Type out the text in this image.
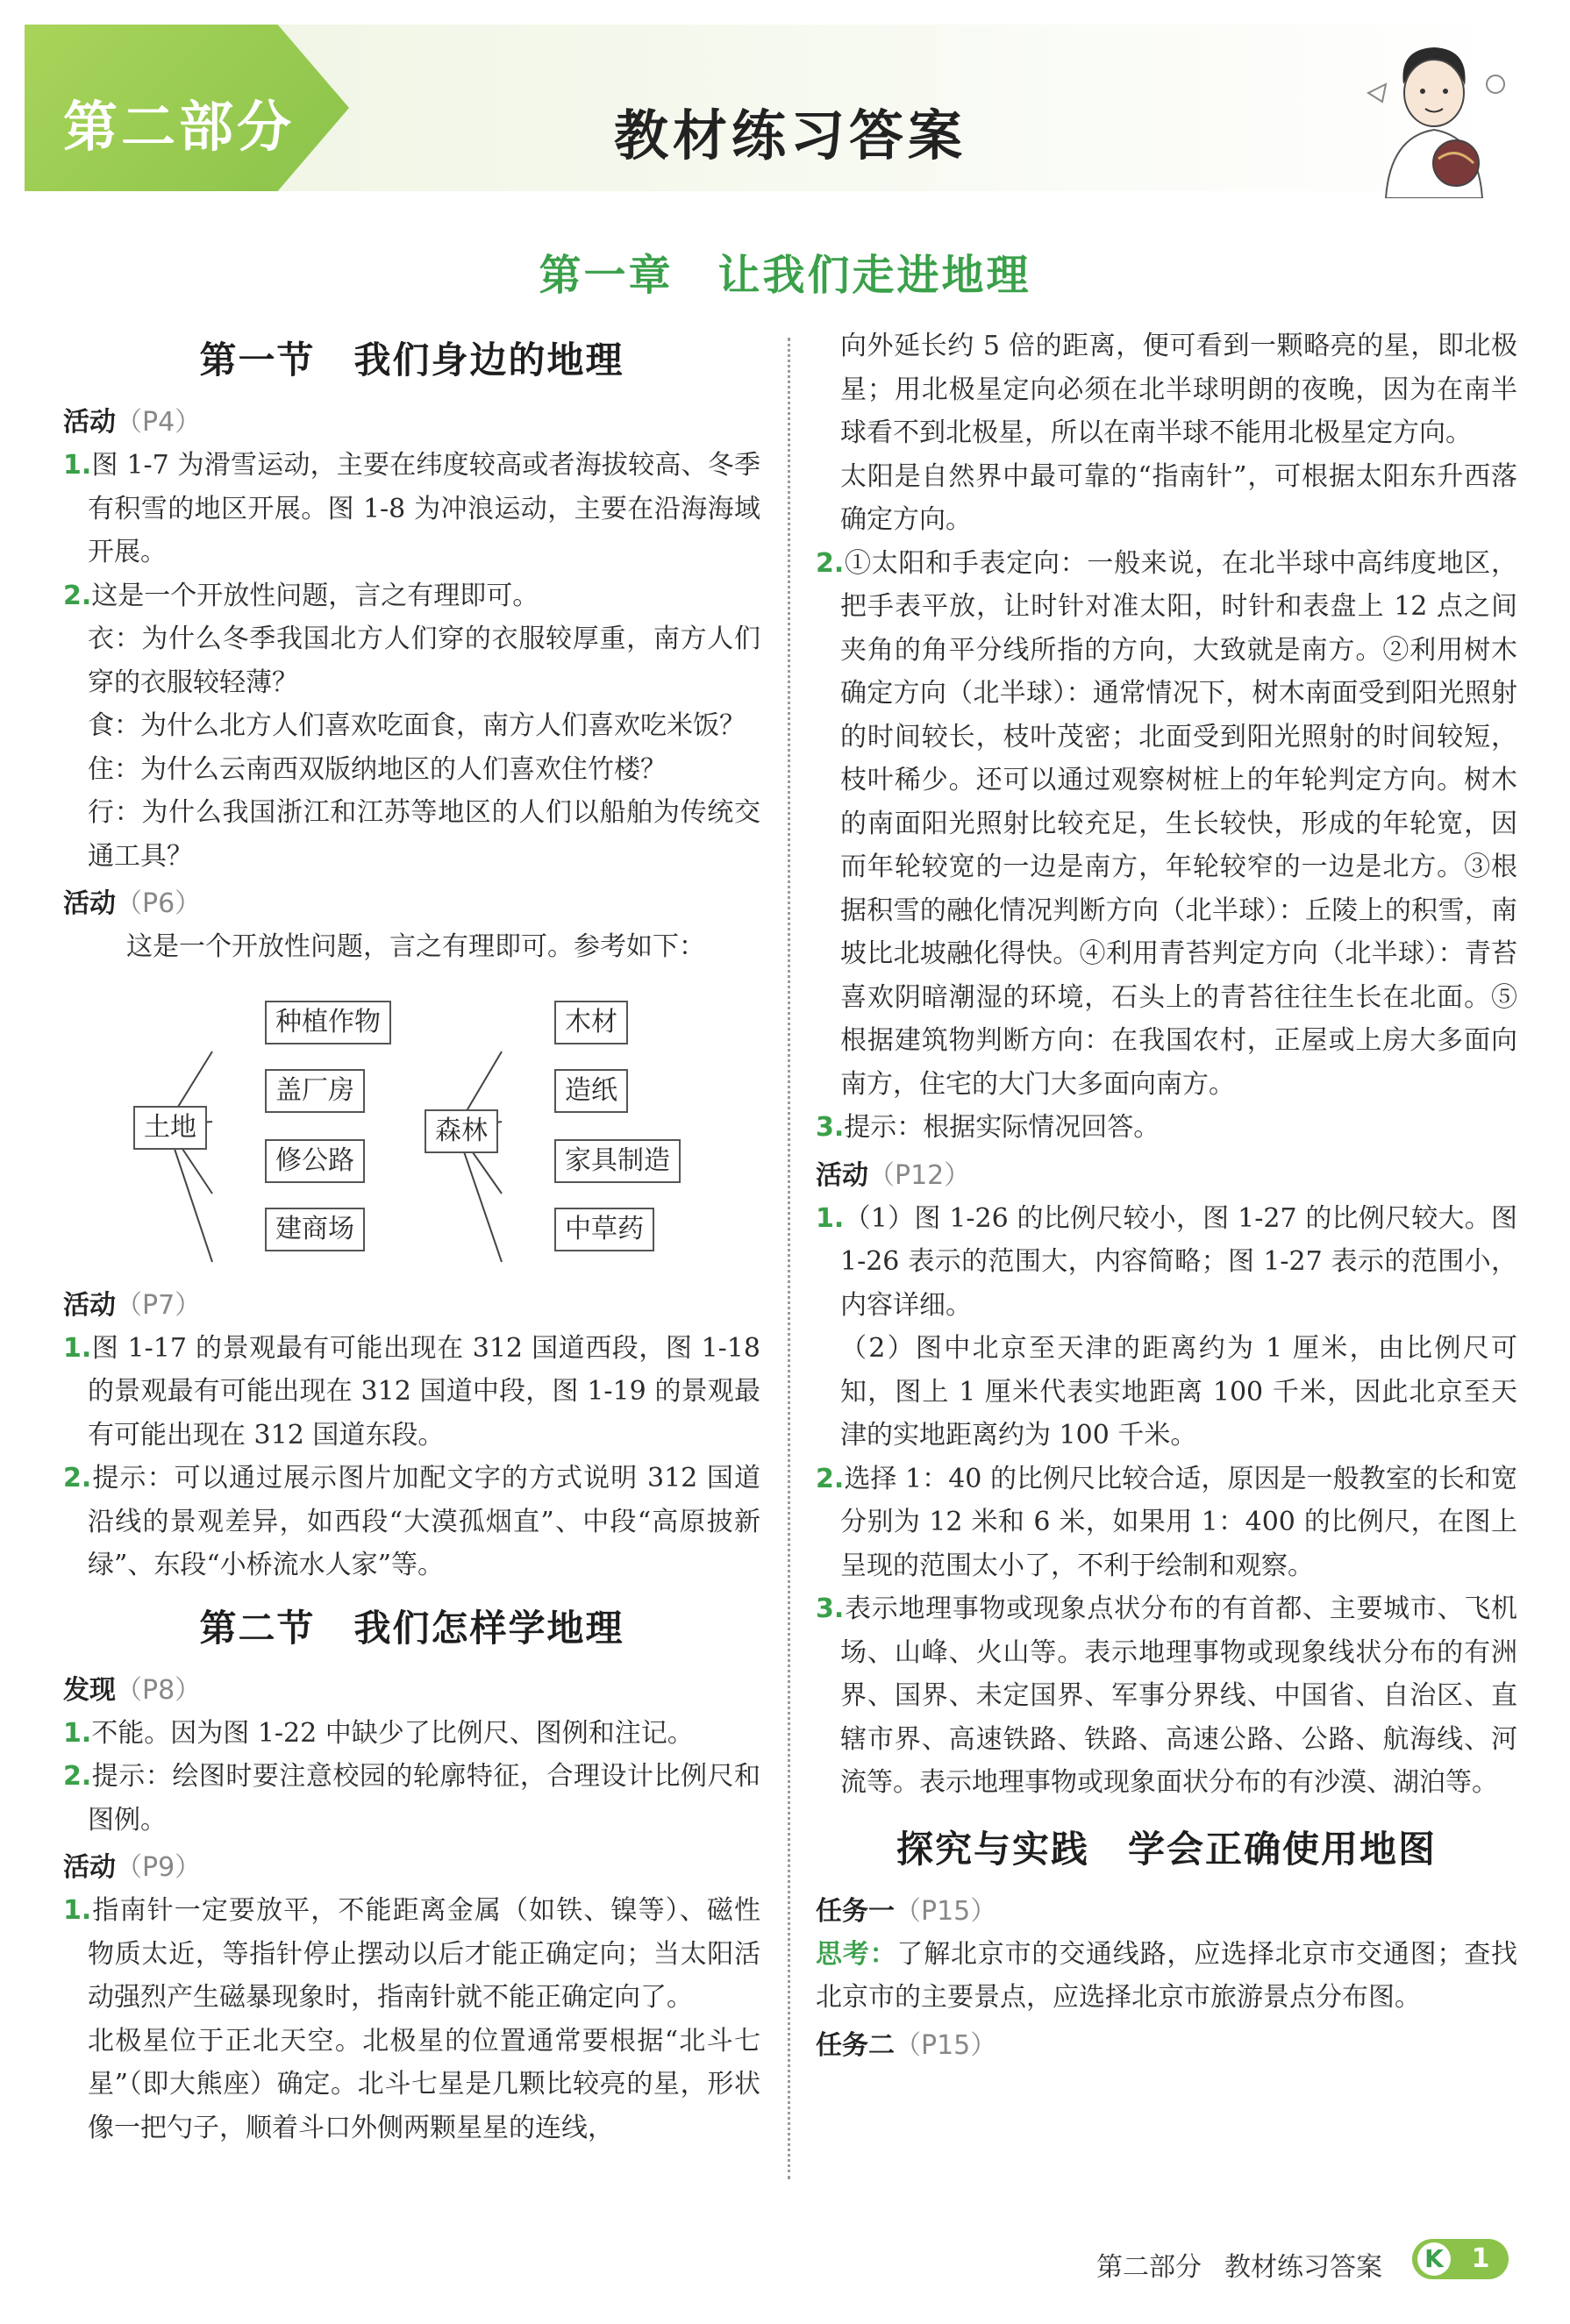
第二部分	教材练习答案
第一章　让我们走进地理
第一节　我们身边的地理
活动（P4）
1.图 1-7 为滑雪运动，主要在纬度较高或者海拔较高、冬季有积雪的地区开展。图 1-8 为冲浪运动，主要在沿海海域开展。
2.这是一个开放性问题，言之有理即可。
衣：为什么冬季我国北方人们穿的衣服较厚重，南方人们穿的衣服较轻薄？
食：为什么北方人们喜欢吃面食，南方人们喜欢吃米饭？
住：为什么云南西双版纳地区的人们喜欢住竹楼？
行：为什么我国浙江和江苏等地区的人们以船舶为传统交通工具？
活动（P6）
这是一个开放性问题，言之有理即可。参考如下：
土地
种植作物
盖厂房
修公路
建商场
森林
木材
造纸
家具制造
中草药
活动（P7）
1.图 1-17 的景观最有可能出现在 312 国道西段，图 1-18的景观最有可能出现在 312 国道中段，图 1-19 的景观最有可能出现在 312 国道东段。
2.提示：可以通过展示图片加配文字的方式说明 312 国道沿线的景观差异，如西段“大漠孤烟直”、中段“高原披新绿”、东段“小桥流水人家”等。
第二节　我们怎样学地理
发现（P8）
1.不能。因为图 1-22 中缺少了比例尺、图例和注记。
2.提示：绘图时要注意校园的轮廓特征，合理设计比例尺和图例。
活动（P9）
1.指南针一定要放平，不能距离金属（如铁、镍等）、磁性物质太近，等指针停止摆动以后才能正确定向；当太阳活动强烈产生磁暴现象时，指南针就不能正确定向了。
北极星位于正北天空。北极星的位置通常要根据“北斗七星”（即大熊座）确定。北斗七星是几颗比较亮的星，形状像一把勺子，顺着斗口外侧两颗星星的连线，
向外延长约 5 倍的距离，便可看到一颗略亮的星，即北极星；用北极星定向必须在北半球明朗的夜晚，因为在南半球看不到北极星，所以在南半球不能用北极星定方向。
太阳是自然界中最可靠的“指南针”，可根据太阳东升西落确定方向。
2.①太阳和手表定向：一般来说，在北半球中高纬度地区，把手表平放，让时针对准太阳，时针和表盘上 12 点之间夹角的角平分线所指的方向，大致就是南方。②利用树木确定方向（北半球）：通常情况下，树木南面受到阳光照射的时间较长，枝叶茂密；北面受到阳光照射的时间较短，枝叶稀少。还可以通过观察树桩上的年轮判定方向。树木的南面阳光照射比较充足，生长较快，形成的年轮宽，因而年轮较宽的一边是南方，年轮较窄的一边是北方。③根据积雪的融化情况判断方向（北半球）：丘陵上的积雪，南坡比北坡融化得快。④利用青苔判定方向（北半球）：青苔喜欢阴暗潮湿的环境，石头上的青苔往往生长在北面。⑤根据建筑物判断方向：在我国农村，正屋或上房大多面向南方，住宅的大门大多面向南方。
3.提示：根据实际情况回答。
活动（P12）
1.（1）图 1-26 的比例尺较小，图 1-27 的比例尺较大。图 1-26 表示的范围大，内容简略；图 1-27 表示的范围小，内容详细。
（2）图中北京至天津的距离约为 1 厘米，由比例尺可知，图上 1 厘米代表实地距离 100 千米，因此北京至天津的实地距离约为 100 千米。
2.选择 1：40 的比例尺比较合适，原因是一般教室的长和宽分别为 12 米和 6 米，如果用 1：400 的比例尺，在图上呈现的范围太小了，不利于绘制和观察。
3.表示地理事物或现象点状分布的有首都、主要城市、飞机场、山峰、火山等。表示地理事物或现象线状分布的有洲界、国界、未定国界、军事分界线、中国省、自治区、直辖市界、高速铁路、铁路、高速公路、公路、航海线、河流等。表示地理事物或现象面状分布的有沙漠、湖泊等。
探究与实践　学会正确使用地图
任务一（P15）
思考：了解北京市的交通线路，应选择北京市交通图；查找北京市的主要景点，应选择北京市旅游景点分布图。
任务二（P15）
第二部分 教材练习答案 K	1
